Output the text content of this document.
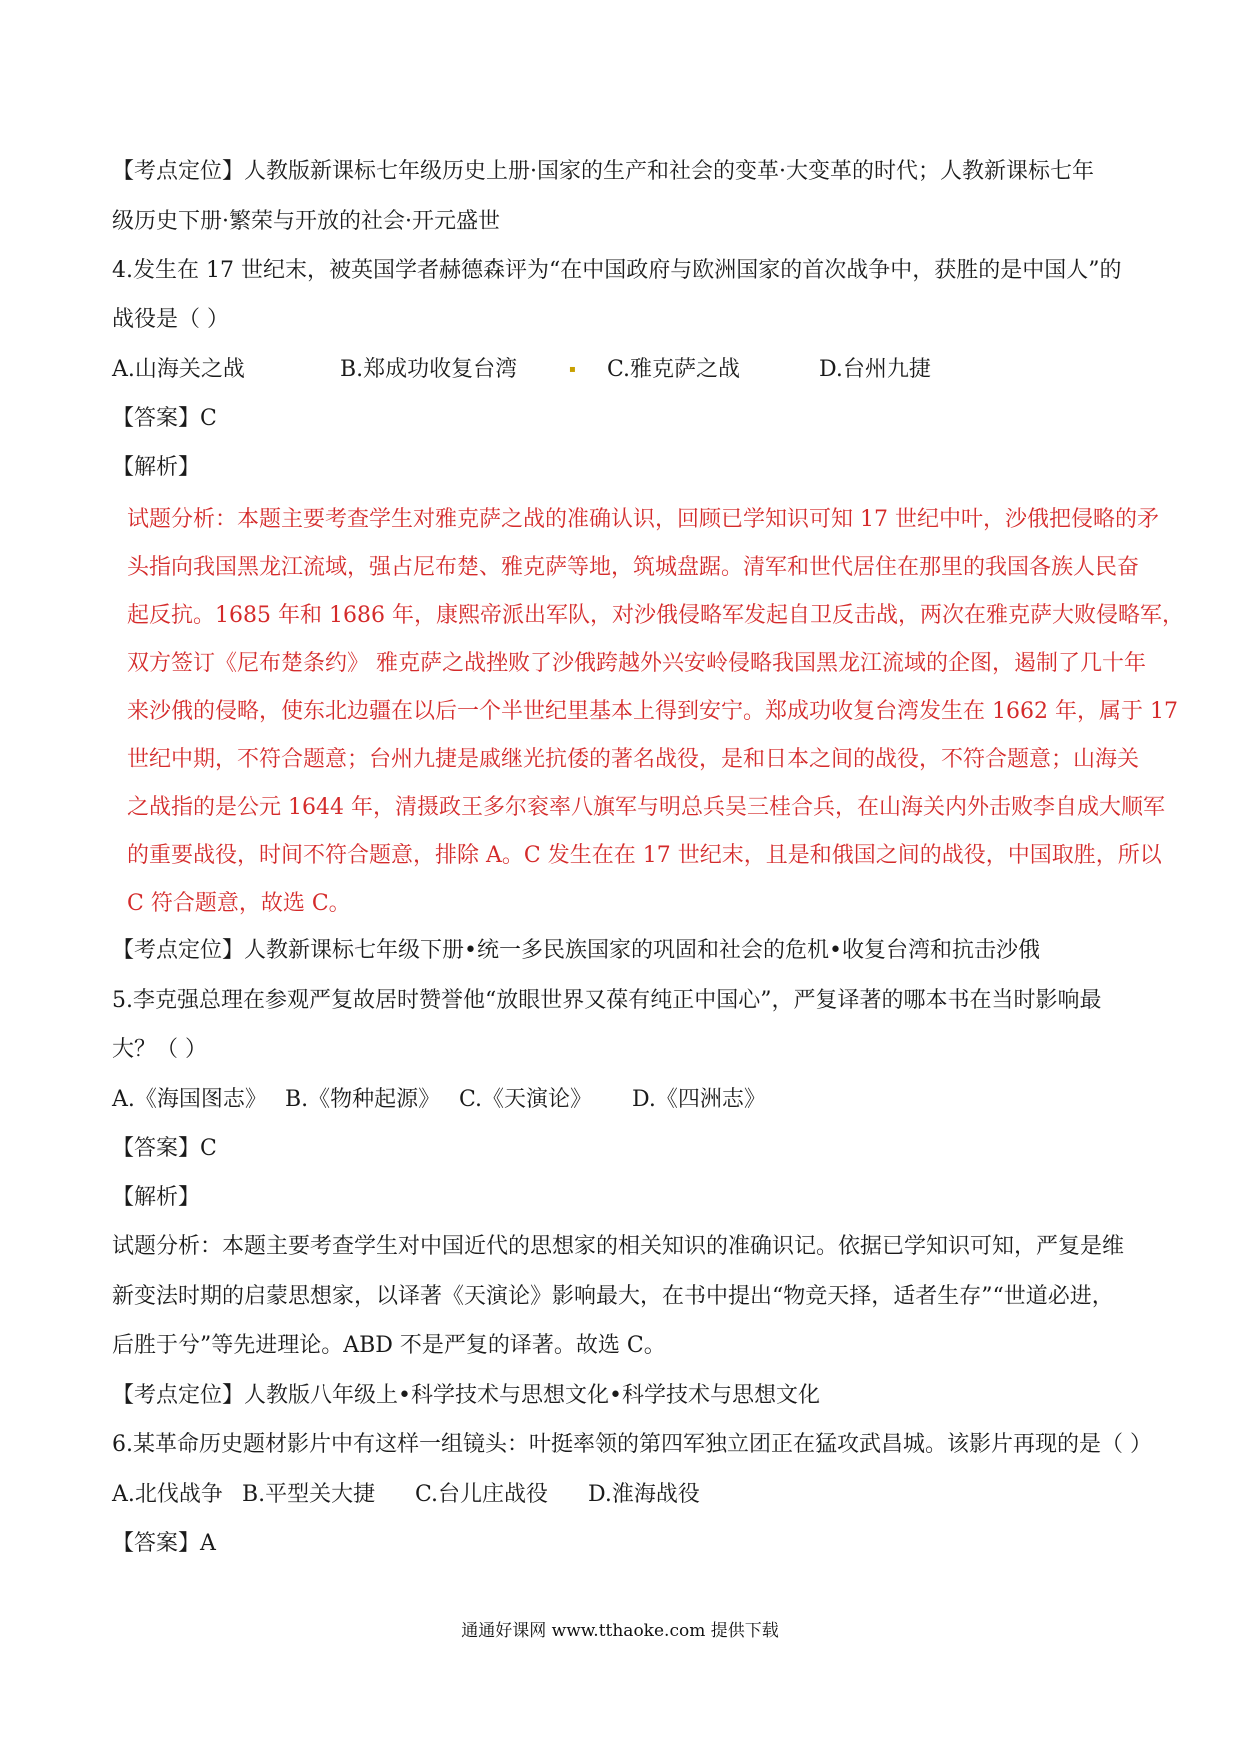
【考点定位】人教版新课标七年级历史上册·国家的生产和社会的变革·大变革的时代；人教新课标七年
级历史下册·繁荣与开放的社会·开元盛世
4.发生在 17 世纪末，被英国学者赫德森评为“在中国政府与欧洲国家的首次战争中，获胜的是中国人”的
战役是（ ）
A.山海关之战	B.郑成功收复台湾	▪ C.雅克萨之战	D.台州九捷
【答案】C
【解析】
试题分析：本题主要考查学生对雅克萨之战的准确认识，回顾已学知识可知 17 世纪中叶，沙俄把侵略的矛
头指向我国黑龙江流域，强占尼布楚、雅克萨等地，筑城盘踞。清军和世代居住在那里的我国各族人民奋
起反抗。1685 年和 1686 年，康熙帝派出军队，对沙俄侵略军发起自卫反击战，两次在雅克萨大败侵略军，
双方签订《尼布楚条约》 雅克萨之战挫败了沙俄跨越外兴安岭侵略我国黑龙江流域的企图，遏制了几十年
来沙俄的侵略，使东北边疆在以后一个半世纪里基本上得到安宁。郑成功收复台湾发生在 1662 年，属于 17
世纪中期，不符合题意；台州九捷是戚继光抗倭的著名战役，是和日本之间的战役，不符合题意；山海关
之战指的是公元 1644 年，清摄政王多尔衮率八旗军与明总兵吴三桂合兵，在山海关内外击败李自成大顺军
的重要战役，时间不符合题意，排除 A。C 发生在在 17 世纪末，且是和俄国之间的战役，中国取胜，所以
C 符合题意，故选 C。
【考点定位】人教新课标七年级下册•统一多民族国家的巩固和社会的危机•收复台湾和抗击沙俄
5.李克强总理在参观严复故居时赞誉他“放眼世界又葆有纯正中国心”，严复译著的哪本书在当时影响最
大？（ ）
A.《海国图志》 B.《物种起源》 C.《天演论》 D.《四洲志》
【答案】C
【解析】
试题分析：本题主要考查学生对中国近代的思想家的相关知识的准确识记。依据已学知识可知，严复是维
新变法时期的启蒙思想家，以译著《天演论》影响最大，在书中提出“物竞天择，适者生存”“世道必进，
后胜于兮”等先进理论。ABD 不是严复的译著。故选 C。
【考点定位】人教版八年级上•科学技术与思想文化•科学技术与思想文化
6.某革命历史题材影片中有这样一组镜头：叶挺率领的第四军独立团正在猛攻武昌城。该影片再现的是（ ）
A.北伐战争 B.平型关大捷 C.台儿庄战役 D.淮海战役
【答案】A
通通好课网 www.tthaoke.com 提供下载
